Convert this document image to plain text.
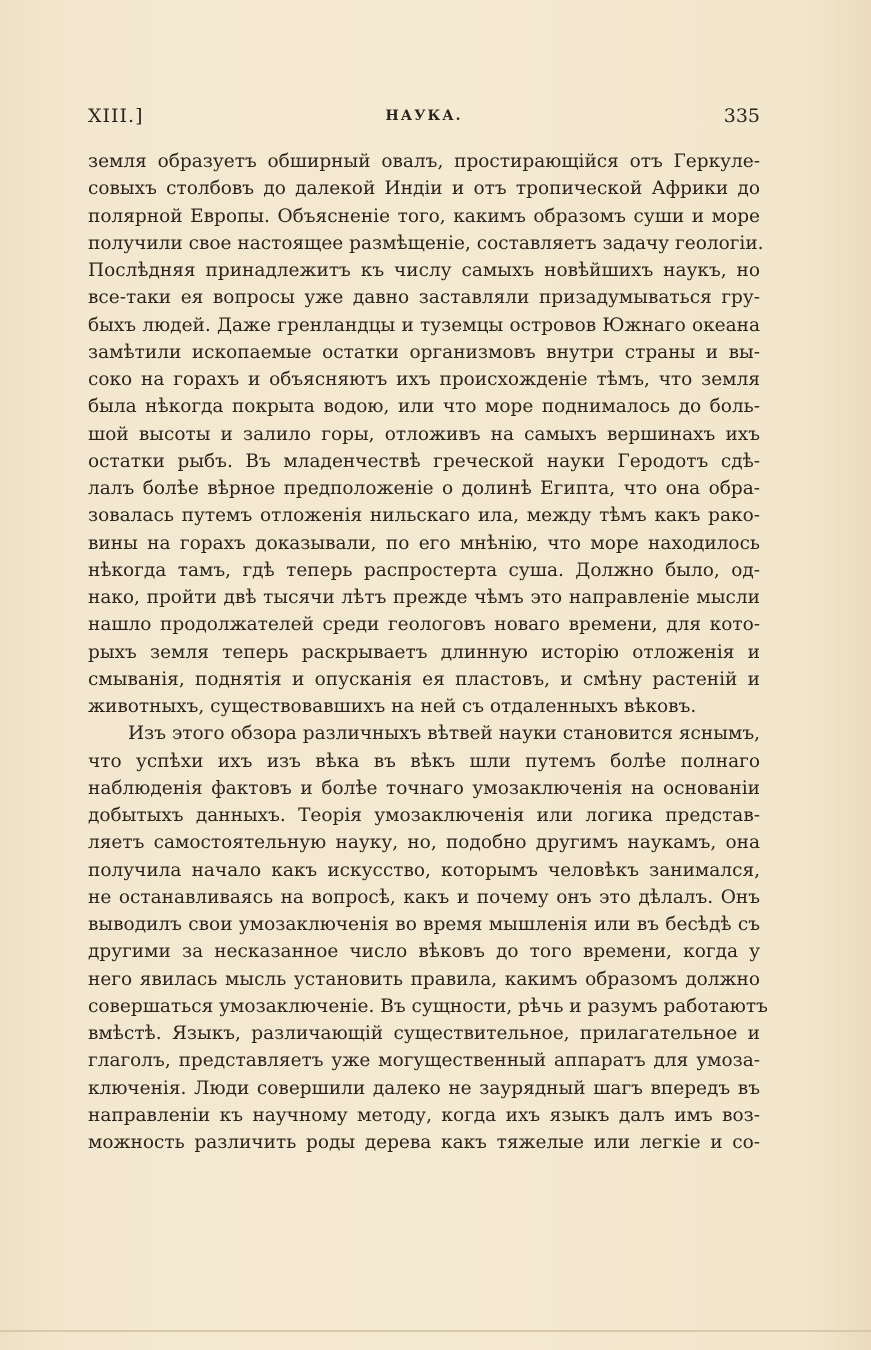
XIII.]	НАУКА.	335
земля образуетъ обширный овалъ, простирающійся отъ Геркуле-
совыхъ столбовъ до далекой Индіи и отъ тропической Африки до
полярной Европы. Объясненіе того, какимъ образомъ суши и море
получили свое настоящее размѣщеніе, составляетъ задачу геологіи.
Послѣдняя принадлежитъ къ числу самыхъ новѣйшихъ наукъ, но
все-таки ея вопросы уже давно заставляли призадумываться гру-
быхъ людей. Даже гренландцы и туземцы островов Южнаго океана
замѣтили ископаемые остатки организмовъ внутри страны и вы-
соко на горахъ и объясняютъ ихъ происхожденіе тѣмъ, что земля
была нѣкогда покрыта водою, или что море поднималось до боль-
шой высоты и залило горы, отложивъ на самыхъ вершинахъ ихъ
остатки рыбъ. Въ младенчествѣ греческой науки Геродотъ сдѣ-
лалъ болѣе вѣрное предположеніе о долинѣ Египта, что она обра-
зовалась путемъ отложенія нильскаго ила, между тѣмъ какъ рако-
вины на горахъ доказывали, по его мнѣнію, что море находилось
нѣкогда тамъ, гдѣ теперь распростерта суша. Должно было, од-
нако, пройти двѣ тысячи лѣтъ прежде чѣмъ это направленіе мысли
нашло продолжателей среди геологовъ новаго времени, для кото-
рыхъ земля теперь раскрываетъ длинную исторію отложенія и
смыванія, поднятія и опусканія ея пластовъ, и смѣну растеній и
животныхъ, существовавшихъ на ней съ отдаленныхъ вѣковъ.
Изъ этого обзора различныхъ вѣтвей науки становится яснымъ,
что успѣхи ихъ изъ вѣка въ вѣкъ шли путемъ болѣе полнаго
наблюденія фактовъ и болѣе точнаго умозаключенія на основаніи
добытыхъ данныхъ. Теорія умозаключенія или логика представ-
ляетъ самостоятельную науку, но, подобно другимъ наукамъ, она
получила начало какъ искусство, которымъ человѣкъ занимался,
не останавливаясь на вопросѣ, какъ и почему онъ это дѣлалъ. Онъ
выводилъ свои умозаключенія во время мышленія или въ бесѣдѣ съ
другими за несказанное число вѣковъ до того времени, когда у
него явилась мысль установить правила, какимъ образомъ должно
совершаться умозаключеніе. Въ сущности, рѣчь и разумъ работаютъ
вмѣстѣ. Языкъ, различающій существительное, прилагательное и
глаголъ, представляетъ уже могущественный аппаратъ для умоза-
ключенія. Люди совершили далеко не заурядный шагъ впередъ въ
направленіи къ научному методу, когда ихъ языкъ далъ имъ воз-
можность различить роды дерева какъ тяжелые или легкіе и со-
